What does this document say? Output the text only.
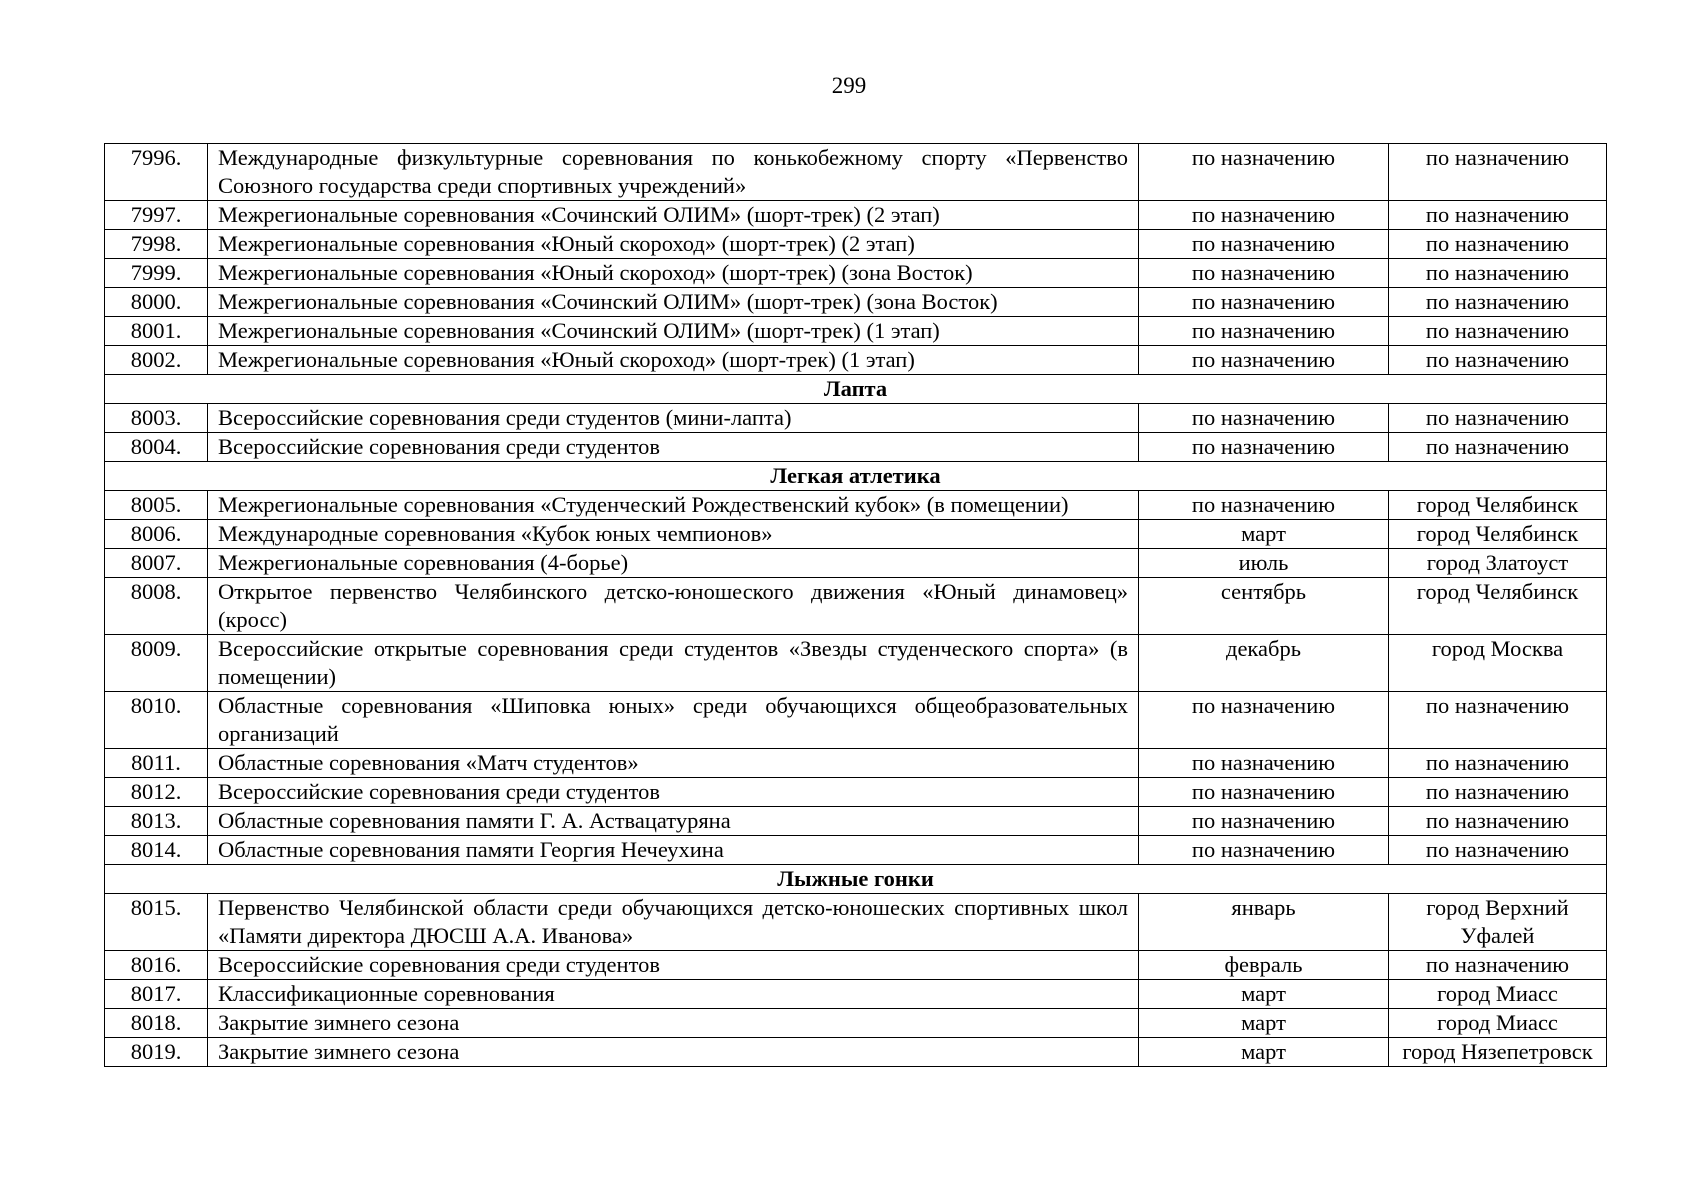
299
7996.	Международные физкультурные соревнования по конькобежному спорту «Первенство Союзного государства среди спортивных учреждений»	по назначению	по назначению
7997.	Межрегиональные соревнования «Сочинский ОЛИМ» (шорт-трек) (2 этап)	по назначению	по назначению
7998.	Межрегиональные соревнования «Юный скороход» (шорт-трек) (2 этап)	по назначению	по назначению
7999.	Межрегиональные соревнования «Юный скороход» (шорт-трек) (зона Восток)	по назначению	по назначению
8000.	Межрегиональные соревнования «Сочинский ОЛИМ» (шорт-трек) (зона Восток)	по назначению	по назначению
8001.	Межрегиональные соревнования «Сочинский ОЛИМ» (шорт-трек) (1 этап)	по назначению	по назначению
8002.	Межрегиональные соревнования «Юный скороход» (шорт-трек) (1 этап)	по назначению	по назначению
Лапта			
8003.	Всероссийские соревнования среди студентов (мини-лапта)	по назначению	по назначению
8004.	Всероссийские соревнования среди студентов	по назначению	по назначению
Легкая атлетика			
8005.	Межрегиональные соревнования «Студенческий Рождественский кубок» (в помещении)	по назначению	город Челябинск
8006.	Международные соревнования «Кубок юных чемпионов»	март	город Челябинск
8007.	Межрегиональные соревнования (4-борье)	июль	город Златоуст
8008.	Открытое первенство Челябинского детско-юношеского движения «Юный динамовец» (кросс)	сентябрь	город Челябинск
8009.	Всероссийские открытые соревнования среди студентов «Звезды студенческого спорта» (в помещении)	декабрь	город Москва
8010.	Областные соревнования «Шиповка юных» среди обучающихся общеобразовательных организаций	по назначению	по назначению
8011.	Областные соревнования «Матч студентов»	по назначению	по назначению
8012.	Всероссийские соревнования среди студентов	по назначению	по назначению
8013.	Областные соревнования памяти Г. А. Аствацатуряна	по назначению	по назначению
8014.	Областные соревнования памяти Георгия Нечеухина	по назначению	по назначению
Лыжные гонки			
8015.	Первенство Челябинской области среди обучающихся детско-юношеских спортивных школ «Памяти директора ДЮСШ А.А. Иванова»	январь	город Верхний Уфалей
8016.	Всероссийские соревнования среди студентов	февраль	по назначению
8017.	Классификационные соревнования	март	город Миасс
8018.	Закрытие зимнего сезона	март	город Миасс
8019.	Закрытие зимнего сезона	март	город Нязепетровск
